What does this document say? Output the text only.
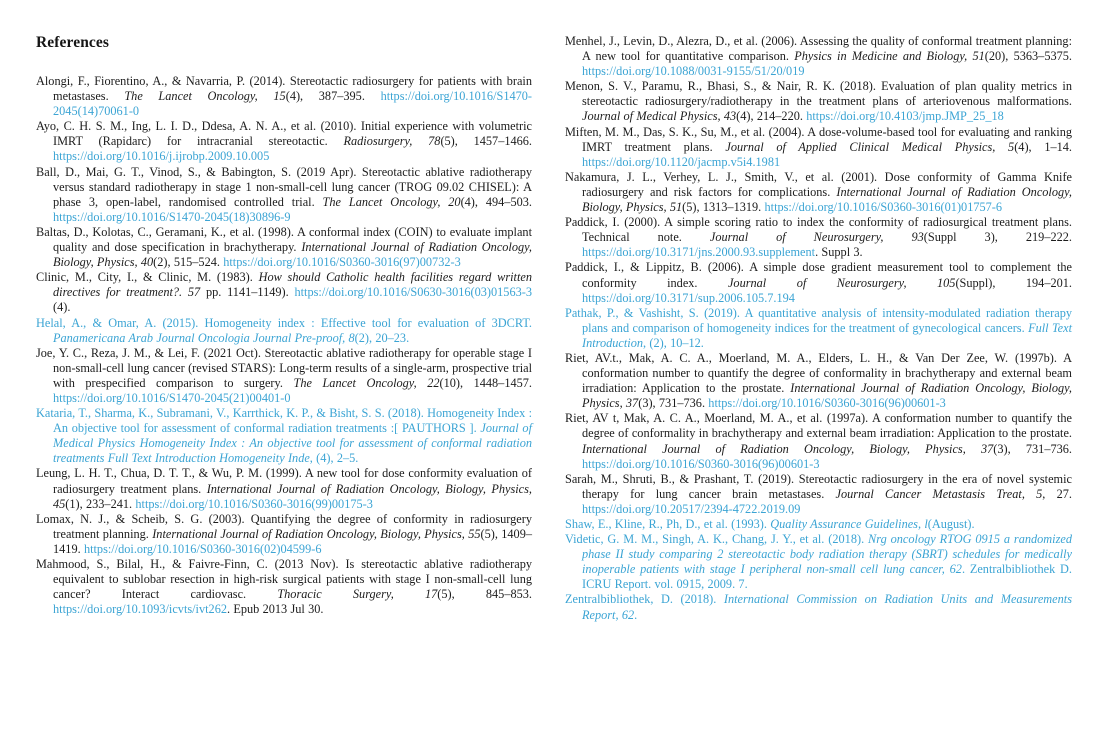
References

Alongi, F., Fiorentino, A., & Navarria, P. (2014). Stereotactic radiosurgery for patients with brain metastases. The Lancet Oncology, 15(4), 387–395. https://doi.org/10.1016/S1470-2045(14)70061-0

Ayo, C. H. S. M., Ing, L. I. D., Ddesa, A. N. A., et al. (2010). Initial experience with volumetric IMRT (Rapidarc) for intracranial stereotactic. Radiosurgery, 78(5), 1457–1466. https://doi.org/10.1016/j.ijrobp.2009.10.005

Ball, D., Mai, G. T., Vinod, S., & Babington, S. (2019 Apr). Stereotactic ablative radiotherapy versus standard radiotherapy in stage 1 non-small-cell lung cancer (TROG 09.02 CHISEL): A phase 3, open-label, randomised controlled trial. The Lancet Oncology, 20(4), 494–503. https://doi.org/10.1016/S1470-2045(18)30896-9

Baltas, D., Kolotas, C., Geramani, K., et al. (1998). A conformal index (COIN) to evaluate implant quality and dose specification in brachytherapy. International Journal of Radiation Oncology, Biology, Physics, 40(2), 515–524. https://doi.org/10.1016/S0360-3016(97)00732-3

Clinic, M., City, I., & Clinic, M. (1983). How should Catholic health facilities regard written directives for treatment?. 57 pp. 1141–1149). https://doi.org/10.1016/S0630-3016(03)01563-3 (4).

Helal, A., & Omar, A. (2015). Homogeneity index : Effective tool for evaluation of 3DCRT. Panamericana Arab Journal Oncologia Journal Pre-proof, 8(2), 20–23.

Joe, Y. C., Reza, J. M., & Lei, F. (2021 Oct). Stereotactic ablative radiotherapy for operable stage I non-small-cell lung cancer (revised STARS): Long-term results of a single-arm, prospective trial with prespecified comparison to surgery. The Lancet Oncology, 22(10), 1448–1457. https://doi.org/10.1016/S1470-2045(21)00401-0

Kataria, T., Sharma, K., Subramani, V., Karrthick, K. P., & Bisht, S. S. (2018). Homogeneity Index : An objective tool for assessment of conformal radiation treatments :[ PAUTHORS ]. Journal of Medical Physics Homogeneity Index : An objective tool for assessment of conformal radiation treatments Full Text Introduction Homogeneity Inde, (4), 2–5.

Leung, L. H. T., Chua, D. T. T., & Wu, P. M. (1999). A new tool for dose conformity evaluation of radiosurgery treatment plans. International Journal of Radiation Oncology, Biology, Physics, 45(1), 233–241. https://doi.org/10.1016/S0360-3016(99)00175-3

Lomax, N. J., & Scheib, S. G. (2003). Quantifying the degree of conformity in radiosurgery treatment planning. International Journal of Radiation Oncology, Biology, Physics, 55(5), 1409–1419. https://doi.org/10.1016/S0360-3016(02)04599-6

Mahmood, S., Bilal, H., & Faivre-Finn, C. (2013 Nov). Is stereotactic ablative radiotherapy equivalent to sublobar resection in high-risk surgical patients with stage I non-small-cell lung cancer? Interact cardiovasc. Thoracic Surgery, 17(5), 845–853. https://doi.org/10.1093/icvts/ivt262. Epub 2013 Jul 30.

Menhel, J., Levin, D., Alezra, D., et al. (2006). Assessing the quality of conformal treatment planning: A new tool for quantitative comparison. Physics in Medicine and Biology, 51(20), 5363–5375. https://doi.org/10.1088/0031-9155/51/20/019

Menon, S. V., Paramu, R., Bhasi, S., & Nair, R. K. (2018). Evaluation of plan quality metrics in stereotactic radiosurgery/radiotherapy in the treatment plans of arteriovenous malformations. Journal of Medical Physics, 43(4), 214–220. https://doi.org/10.4103/jmp.JMP_25_18

Miften, M. M., Das, S. K., Su, M., et al. (2004). A dose-volume-based tool for evaluating and ranking IMRT treatment plans. Journal of Applied Clinical Medical Physics, 5(4), 1–14. https://doi.org/10.1120/jacmp.v5i4.1981

Nakamura, J. L., Verhey, L. J., Smith, V., et al. (2001). Dose conformity of Gamma Knife radiosurgery and risk factors for complications. International Journal of Radiation Oncology, Biology, Physics, 51(5), 1313–1319. https://doi.org/10.1016/S0360-3016(01)01757-6

Paddick, I. (2000). A simple scoring ratio to index the conformity of radiosurgical treatment plans. Technical note. Journal of Neurosurgery, 93(Suppl 3), 219–222. https://doi.org/10.3171/jns.2000.93.supplement. Suppl 3.

Paddick, I., & Lippitz, B. (2006). A simple dose gradient measurement tool to complement the conformity index. Journal of Neurosurgery, 105(Suppl), 194–201. https://doi.org/10.3171/sup.2006.105.7.194

Pathak, P., & Vashisht, S. (2019). A quantitative analysis of intensity-modulated radiation therapy plans and comparison of homogeneity indices for the treatment of gynecological cancers. Full Text Introduction, (2), 10–12.

Riet, AV.t., Mak, A. C. A., Moerland, M. A., Elders, L. H., & Van Der Zee, W. (1997b). A conformation number to quantify the degree of conformality in brachytherapy and external beam irradiation: Application to the prostate. International Journal of Radiation Oncology, Biology, Physics, 37(3), 731–736. https://doi.org/10.1016/S0360-3016(96)00601-3

Riet, AV t, Mak, A. C. A., Moerland, M. A., et al. (1997a). A conformation number to quantify the degree of conformality in brachytherapy and external beam irradiation: Application to the prostate. International Journal of Radiation Oncology, Biology, Physics, 37(3), 731–736. https://doi.org/10.1016/S0360-3016(96)00601-3

Sarah, M., Shruti, B., & Prashant, T. (2019). Stereotactic radiosurgery in the era of novel systemic therapy for lung cancer brain metastases. Journal Cancer Metastasis Treat, 5, 27. https://doi.org/10.20517/2394-4722.2019.09

Shaw, E., Kline, R., Ph, D., et al. (1993). Quality Assurance Guidelines, l(August).

Videtic, G. M. M., Singh, A. K., Chang, J. Y., et al. (2018). Nrg oncology RTOG 0915 a randomized phase II study comparing 2 stereotactic body radiation therapy (SBRT) schedules for medically inoperable patients with stage I peripheral non-small cell lung cancer, 62. Zentralbibliothek D. ICRU Report. vol. 0915, 2009. 7.

Zentralbibliothek, D. (2018). International Commission on Radiation Units and Measurements Report, 62.
